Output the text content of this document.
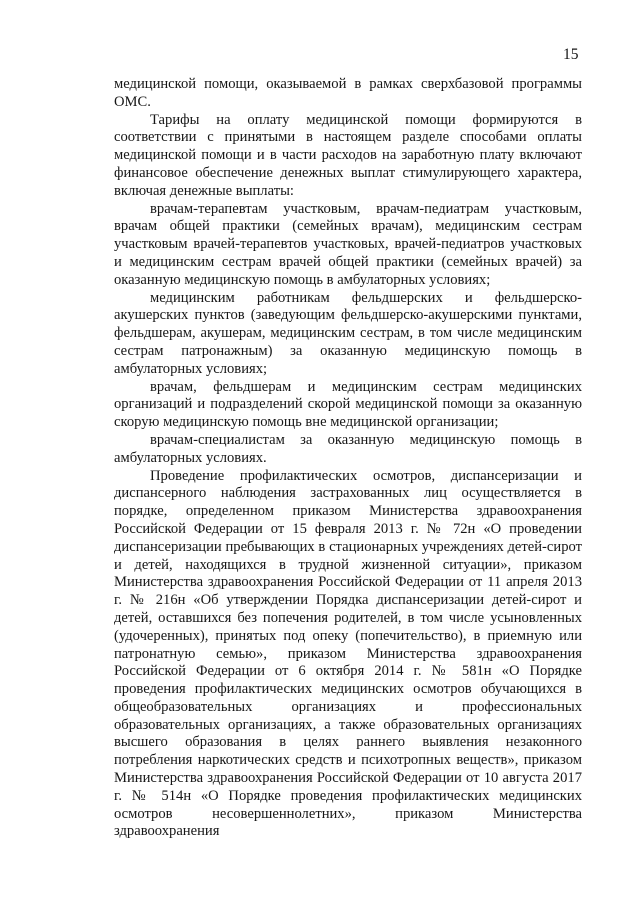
15

медицинской помощи, оказываемой в рамках сверхбазовой программы ОМС.

Тарифы на оплату медицинской помощи формируются в соответствии с принятыми в настоящем разделе способами оплаты медицинской помощи и в части расходов на заработную плату включают финансовое обеспечение денежных выплат стимулирующего характера, включая денежные выплаты:

врачам-терапевтам участковым, врачам-педиатрам участковым, врачам общей практики (семейных врачам), медицинским сестрам участковым врачей-терапевтов участковых, врачей-педиатров участковых и медицинским сестрам врачей общей практики (семейных врачей) за оказанную медицинскую помощь в амбулаторных условиях;

медицинским работникам фельдшерских и фельдшерско-акушерских пунктов (заведующим фельдшерско-акушерскими пунктами, фельдшерам, акушерам, медицинским сестрам, в том числе медицинским сестрам патронажным) за оказанную медицинскую помощь в амбулаторных условиях;

врачам, фельдшерам и медицинским сестрам медицинских организаций и подразделений скорой медицинской помощи за оказанную скорую медицинскую помощь вне медицинской организации;

врачам-специалистам за оказанную медицинскую помощь в амбулаторных условиях.

Проведение профилактических осмотров, диспансеризации и диспансерного наблюдения застрахованных лиц осуществляется в порядке, определенном приказом Министерства здравоохранения Российской Федерации от 15 февраля 2013 г. № 72н «О проведении диспансеризации пребывающих в стационарных учреждениях детей-сирот и детей, находящихся в трудной жизненной ситуации», приказом Министерства здравоохранения Российской Федерации от 11 апреля 2013 г. № 216н «Об утверждении Порядка диспансеризации детей-сирот и детей, оставшихся без попечения родителей, в том числе усыновленных (удочеренных), принятых под опеку (попечительство), в приемную или патронатную семью», приказом Министерства здравоохранения Российской Федерации от 6 октября 2014 г. № 581н «О Порядке проведения профилактических медицинских осмотров обучающихся в общеобразовательных организациях и профессиональных образовательных организациях, а также образовательных организациях высшего образования в целях раннего выявления незаконного потребления наркотических средств и психотропных веществ», приказом Министерства здравоохранения Российской Федерации от 10 августа 2017 г. № 514н «О Порядке проведения профилактических медицинских осмотров несовершеннолетних», приказом Министерства здравоохранения
